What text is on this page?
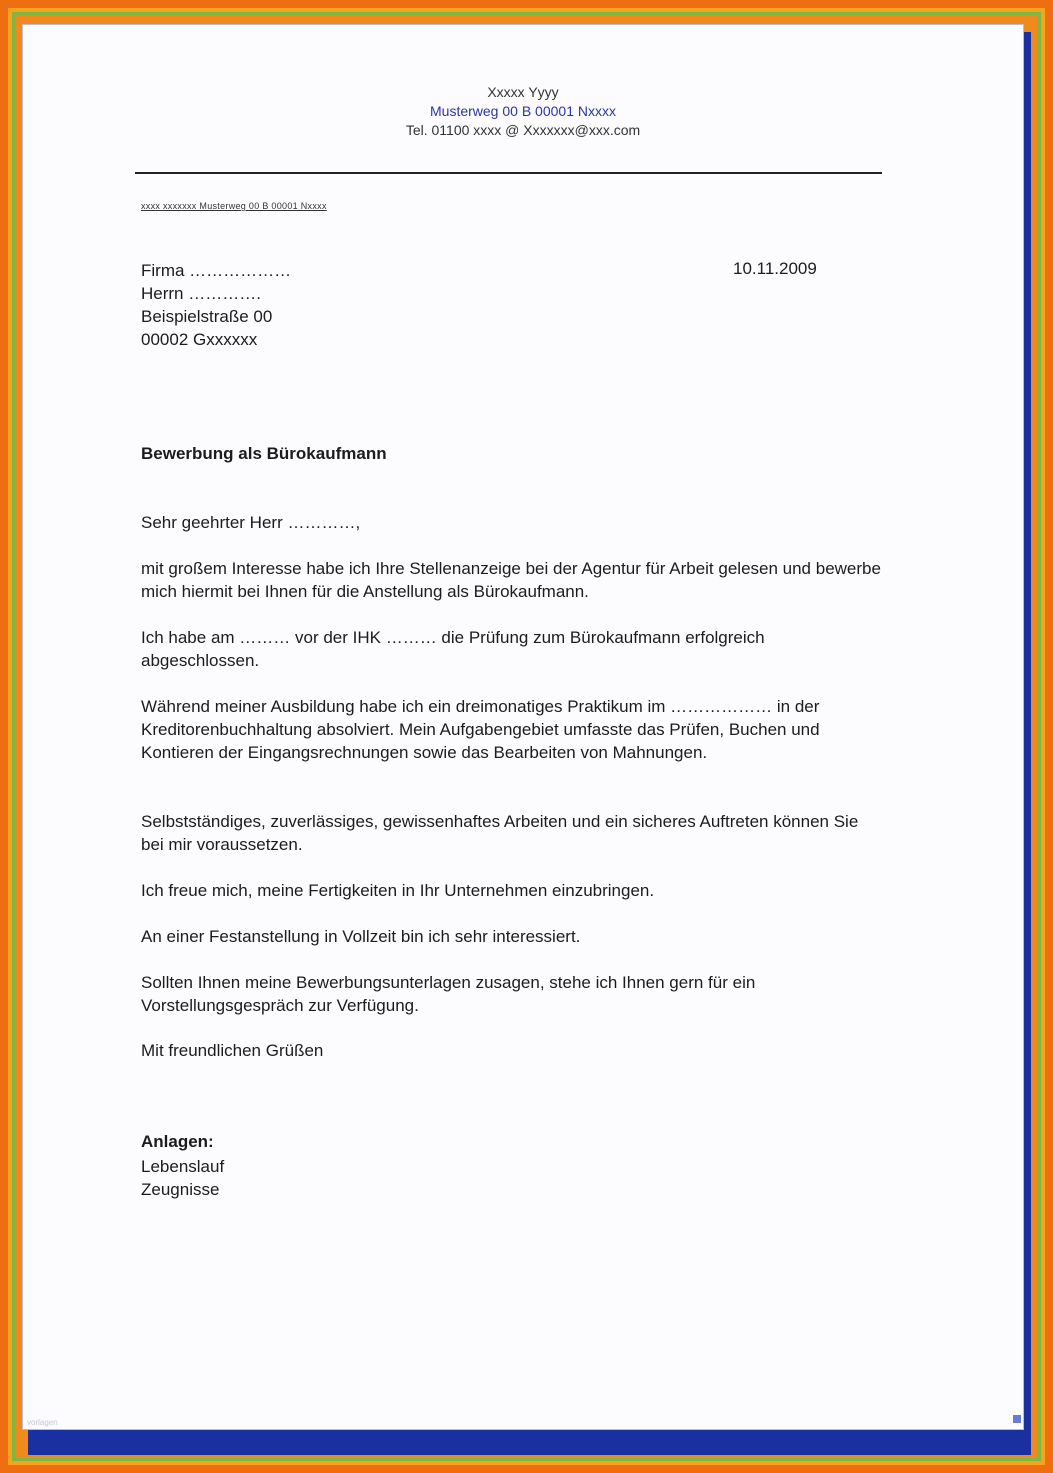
Xxxxx Yyyy
Musterweg 00 B 00001 Nxxxx
Tel. 01100 xxxx @ Xxxxxxx@xxx.com
xxxx xxxxxxx Musterweg 00 B 00001 Nxxxx
Firma ………………
Herrn ………….
Beispielstraße 00
00002 Gxxxxxx
10.11.2009
Bewerbung als Bürokaufmann
Sehr geehrter Herr …………,
mit großem Interesse habe ich Ihre Stellenanzeige bei der Agentur für Arbeit gelesen und bewerbe mich hiermit bei Ihnen für die Anstellung als Bürokaufmann.
Ich habe am ……… vor der IHK ……… die Prüfung zum Bürokaufmann erfolgreich abgeschlossen.
Während meiner Ausbildung habe ich ein dreimonatiges Praktikum im ……………… in der Kreditorenbuchhaltung absolviert. Mein Aufgabengebiet umfasste das Prüfen, Buchen und Kontieren der Eingangsrechnungen sowie das Bearbeiten von Mahnungen.
Selbstständiges, zuverlässiges, gewissenhaftes Arbeiten und ein sicheres Auftreten können Sie bei mir voraussetzen.
Ich freue mich, meine Fertigkeiten in Ihr Unternehmen einzubringen.
An einer Festanstellung in Vollzeit bin ich sehr interessiert.
Sollten Ihnen meine Bewerbungsunterlagen zusagen, stehe ich Ihnen gern für ein Vorstellungsgespräch zur Verfügung.
Mit freundlichen Grüßen
Anlagen:
Lebenslauf
Zeugnisse
vorlagen
